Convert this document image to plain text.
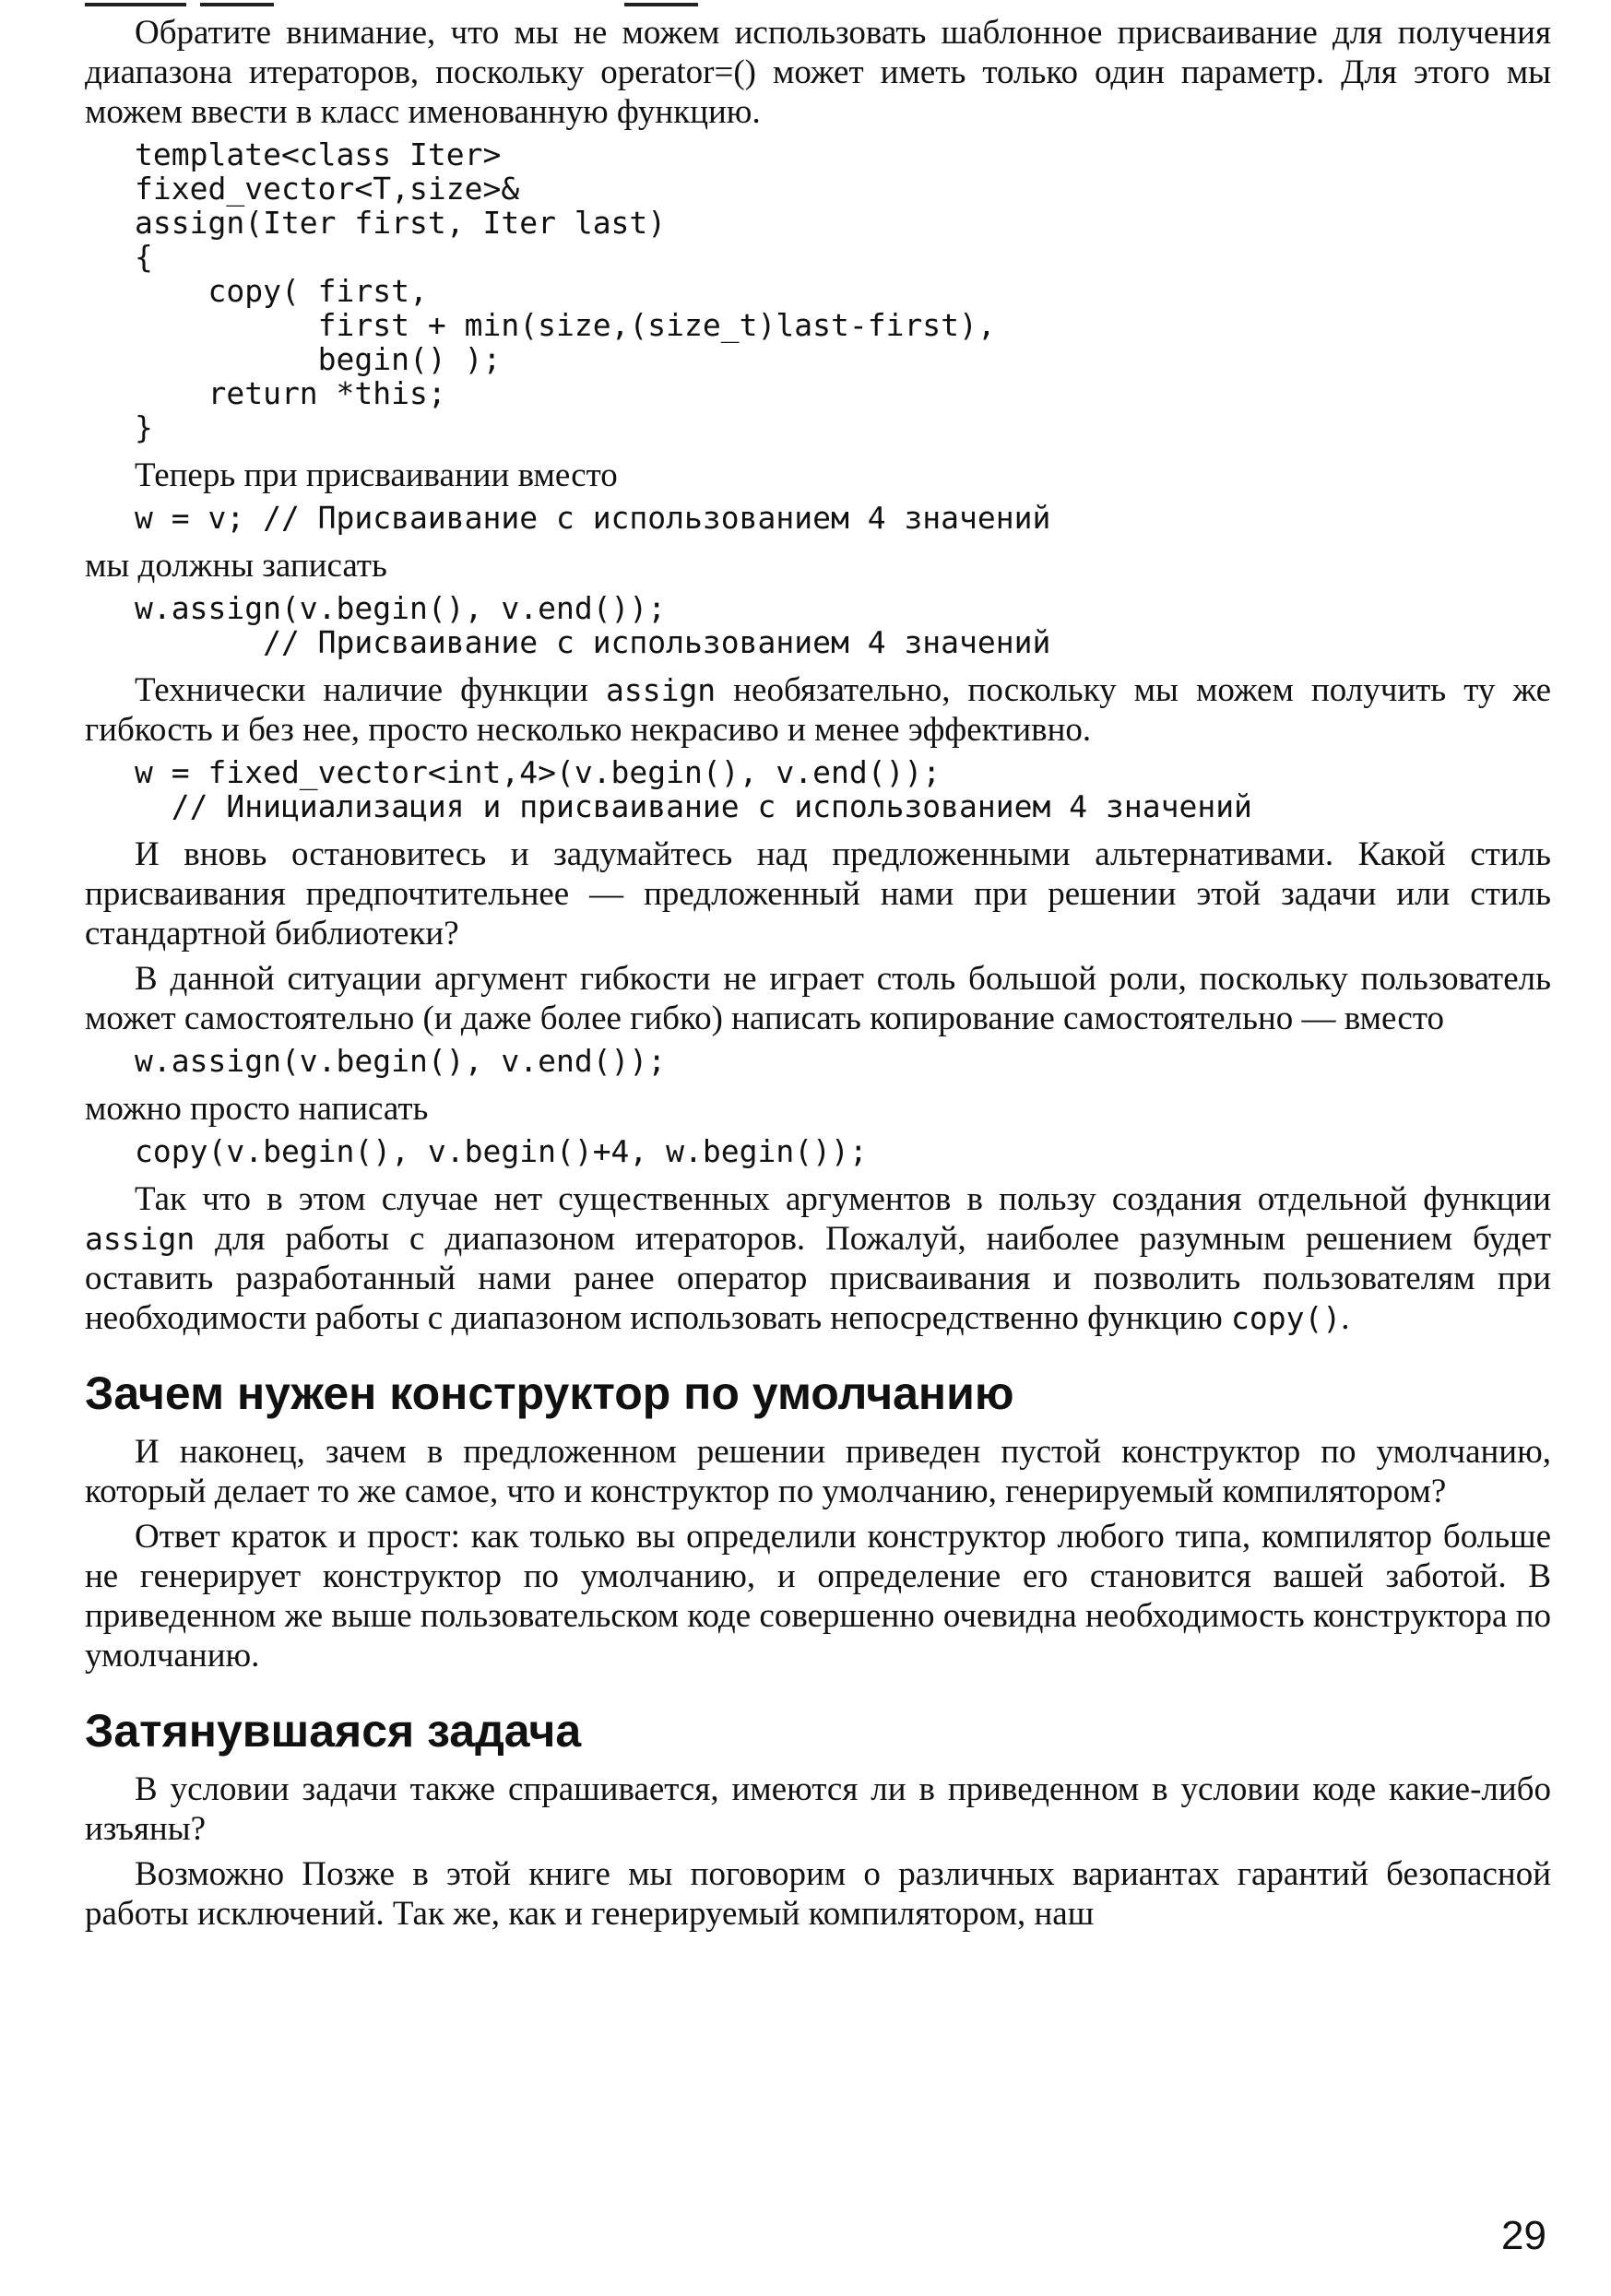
Обратите внимание, что мы не можем использовать шаблонное присваивание для получения диапазона итераторов, поскольку operator=() может иметь только один параметр. Для этого мы можем ввести в класс именованную функцию.

template<class Iter>
fixed_vector<T,size>&
assign(Iter first, Iter last)
{
copy( first,
first + min(size,(size_t)last-first),
begin() );
return *this;
}

Теперь при присваивании вместо

w = v; // Присваивание с использованием 4 значений

мы должны записать

w.assign(v.begin(), v.end());
// Присваивание с использованием 4 значений

Технически наличие функции assign необязательно, поскольку мы можем получить ту же гибкость и без нее, просто несколько некрасиво и менее эффективно.

w = fixed_vector<int,4>(v.begin(), v.end());
// Инициализация и присваивание с использованием 4 значений

И вновь остановитесь и задумайтесь над предложенными альтернативами. Какой стиль присваивания предпочтительнее — предложенный нами при решении этой задачи или стиль стандартной библиотеки?

В данной ситуации аргумент гибкости не играет столь большой роли, поскольку пользователь может самостоятельно (и даже более гибко) написать копирование самостоятельно — вместо

w.assign(v.begin(), v.end());

можно просто написать

copy(v.begin(), v.begin()+4, w.begin());

Так что в этом случае нет существенных аргументов в пользу создания отдельной функции assign для работы с диапазоном итераторов. Пожалуй, наиболее разумным решением будет оставить разработанный нами ранее оператор присваивания и позволить пользователям при необходимости работы с диапазоном использовать непосредственно функцию copy().

Зачем нужен конструктор по умолчанию

И наконец, зачем в предложенном решении приведен пустой конструктор по умолчанию, который делает то же самое, что и конструктор по умолчанию, генерируемый компилятором?

Ответ краток и прост: как только вы определили конструктор любого типа, компилятор больше не генерирует конструктор по умолчанию, и определение его становится вашей заботой. В приведенном же выше пользовательском коде совершенно очевидна необходимость конструктора по умолчанию.

Затянувшаяся задача

В условии задачи также спрашивается, имеются ли в приведенном в условии коде какие-либо изъяны?

Возможно Позже в этой книге мы поговорим о различных вариантах гарантий безопасной работы исключений. Так же, как и генерируемый компилятором, наш

29
